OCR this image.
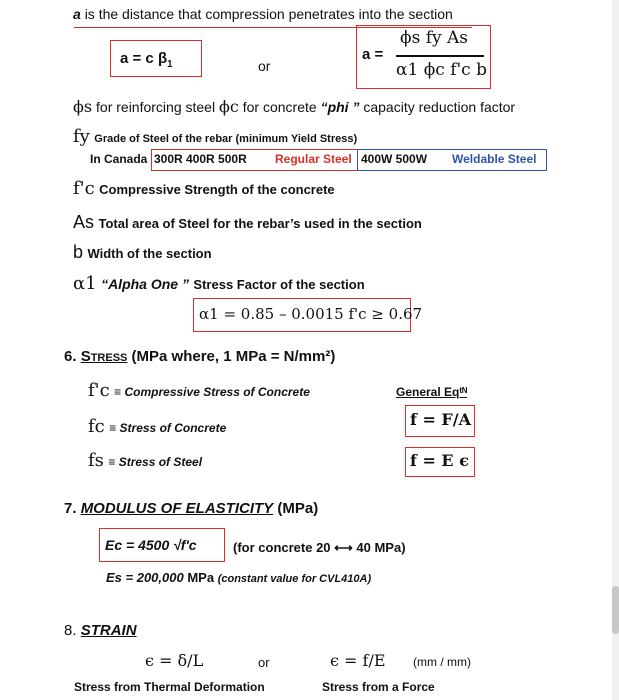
a is the distance that compression penetrates into the section
a = c $\beta_1$	or
a =
ϕs fy As
α1 ϕc f'c b
ϕs for reinforcing steel ϕc for concrete “phi ” capacity reduction factor
fy Grade of Steel of the rebar (minimum Yield Stress)
In Canada 300R 400R 500R Regular Steel 400W 500W Weldable Steel
f'c Compressive Strength of the concrete
As Total area of Steel for the rebar’s used in the section
b Width of the section
α1 “Alpha One ” Stress Factor of the section
α1 = 0.85 – 0.0015 f'c ≥ 0.67
6. Stress (MPa where, 1 MPa = N/mm²)
f'c ≡ Compressive Stress of Concrete
fc ≡ Stress of Concrete
fs ≡ Stress of Steel
General Eqᵗᴺ
f = F/A
f = E ϵ
7. MODULUS OF ELASTICITY (MPa)
Ec = 4500 √f'c	(for concrete 20 ⟷ 40 MPa)
Es = 200,000 MPa (constant value for CVL410A)
8. STRAIN
ϵ = δ/L	or	ϵ = f/E (mm / mm)
Stress from Thermal Deformation	Stress from a Force
